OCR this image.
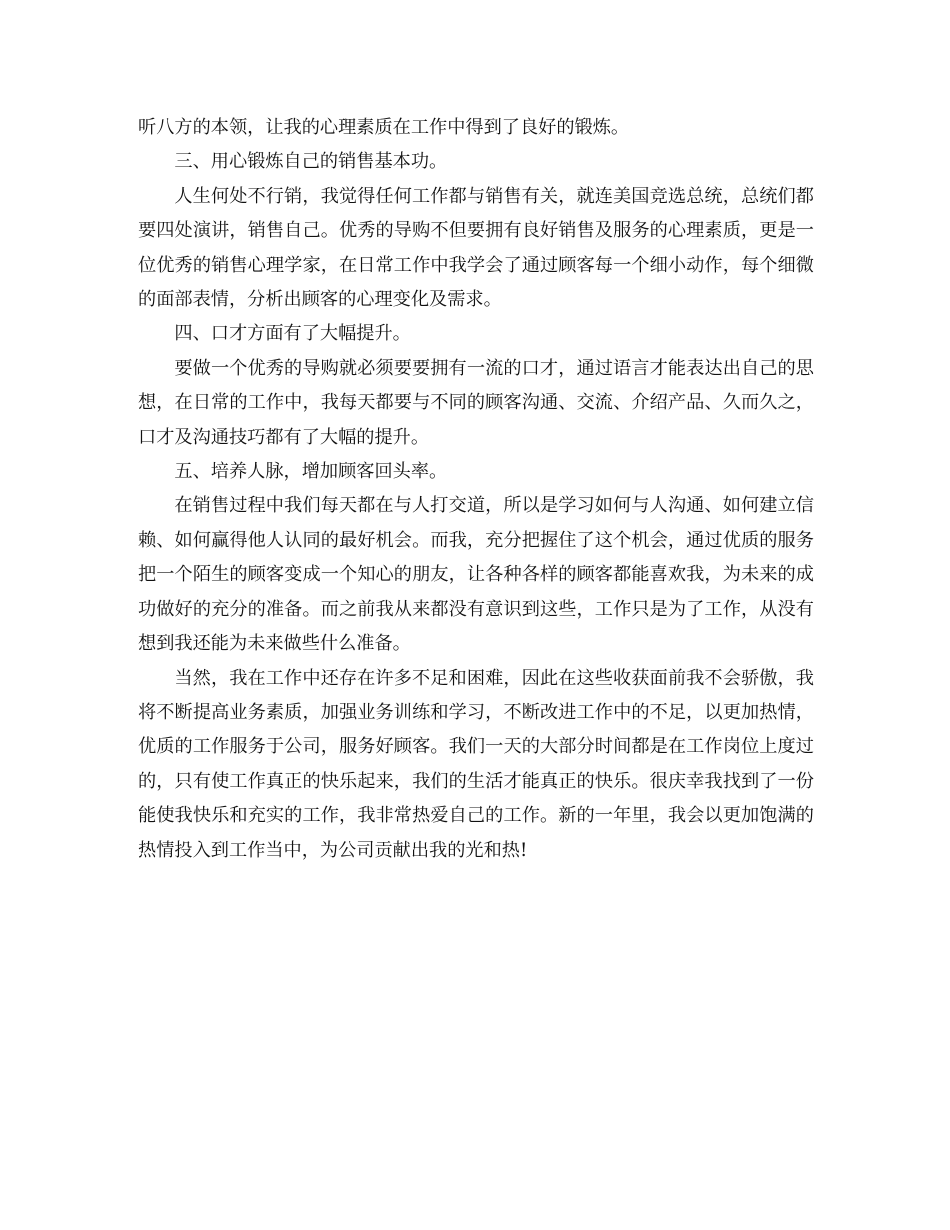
听八方的本领，让我的心理素质在工作中得到了良好的锻炼。

三、用心锻炼自己的销售基本功。

人生何处不行销，我觉得任何工作都与销售有关，就连美国竞选总统，总统们都要四处演讲，销售自己。优秀的导购不但要拥有良好销售及服务的心理素质，更是一位优秀的销售心理学家，在日常工作中我学会了通过顾客每一个细小动作，每个细微的面部表情，分析出顾客的心理变化及需求。

四、口才方面有了大幅提升。

要做一个优秀的导购就必须要要拥有一流的口才，通过语言才能表达出自己的思想，在日常的工作中，我每天都要与不同的顾客沟通、交流、介绍产品、久而久之，口才及沟通技巧都有了大幅的提升。

五、培养人脉，增加顾客回头率。

在销售过程中我们每天都在与人打交道，所以是学习如何与人沟通、如何建立信赖、如何赢得他人认同的最好机会。而我，充分把握住了这个机会，通过优质的服务把一个陌生的顾客变成一个知心的朋友，让各种各样的顾客都能喜欢我，为未来的成功做好的充分的准备。而之前我从来都没有意识到这些，工作只是为了工作，从没有想到我还能为未来做些什么准备。

当然，我在工作中还存在许多不足和困难，因此在这些收获面前我不会骄傲，我将不断提高业务素质，加强业务训练和学习，不断改进工作中的不足，以更加热情，优质的工作服务于公司，服务好顾客。我们一天的大部分时间都是在工作岗位上度过的，只有使工作真正的快乐起来，我们的生活才能真正的快乐。很庆幸我找到了一份能使我快乐和充实的工作，我非常热爱自己的工作。新的一年里，我会以更加饱满的热情投入到工作当中，为公司贡献出我的光和热!
